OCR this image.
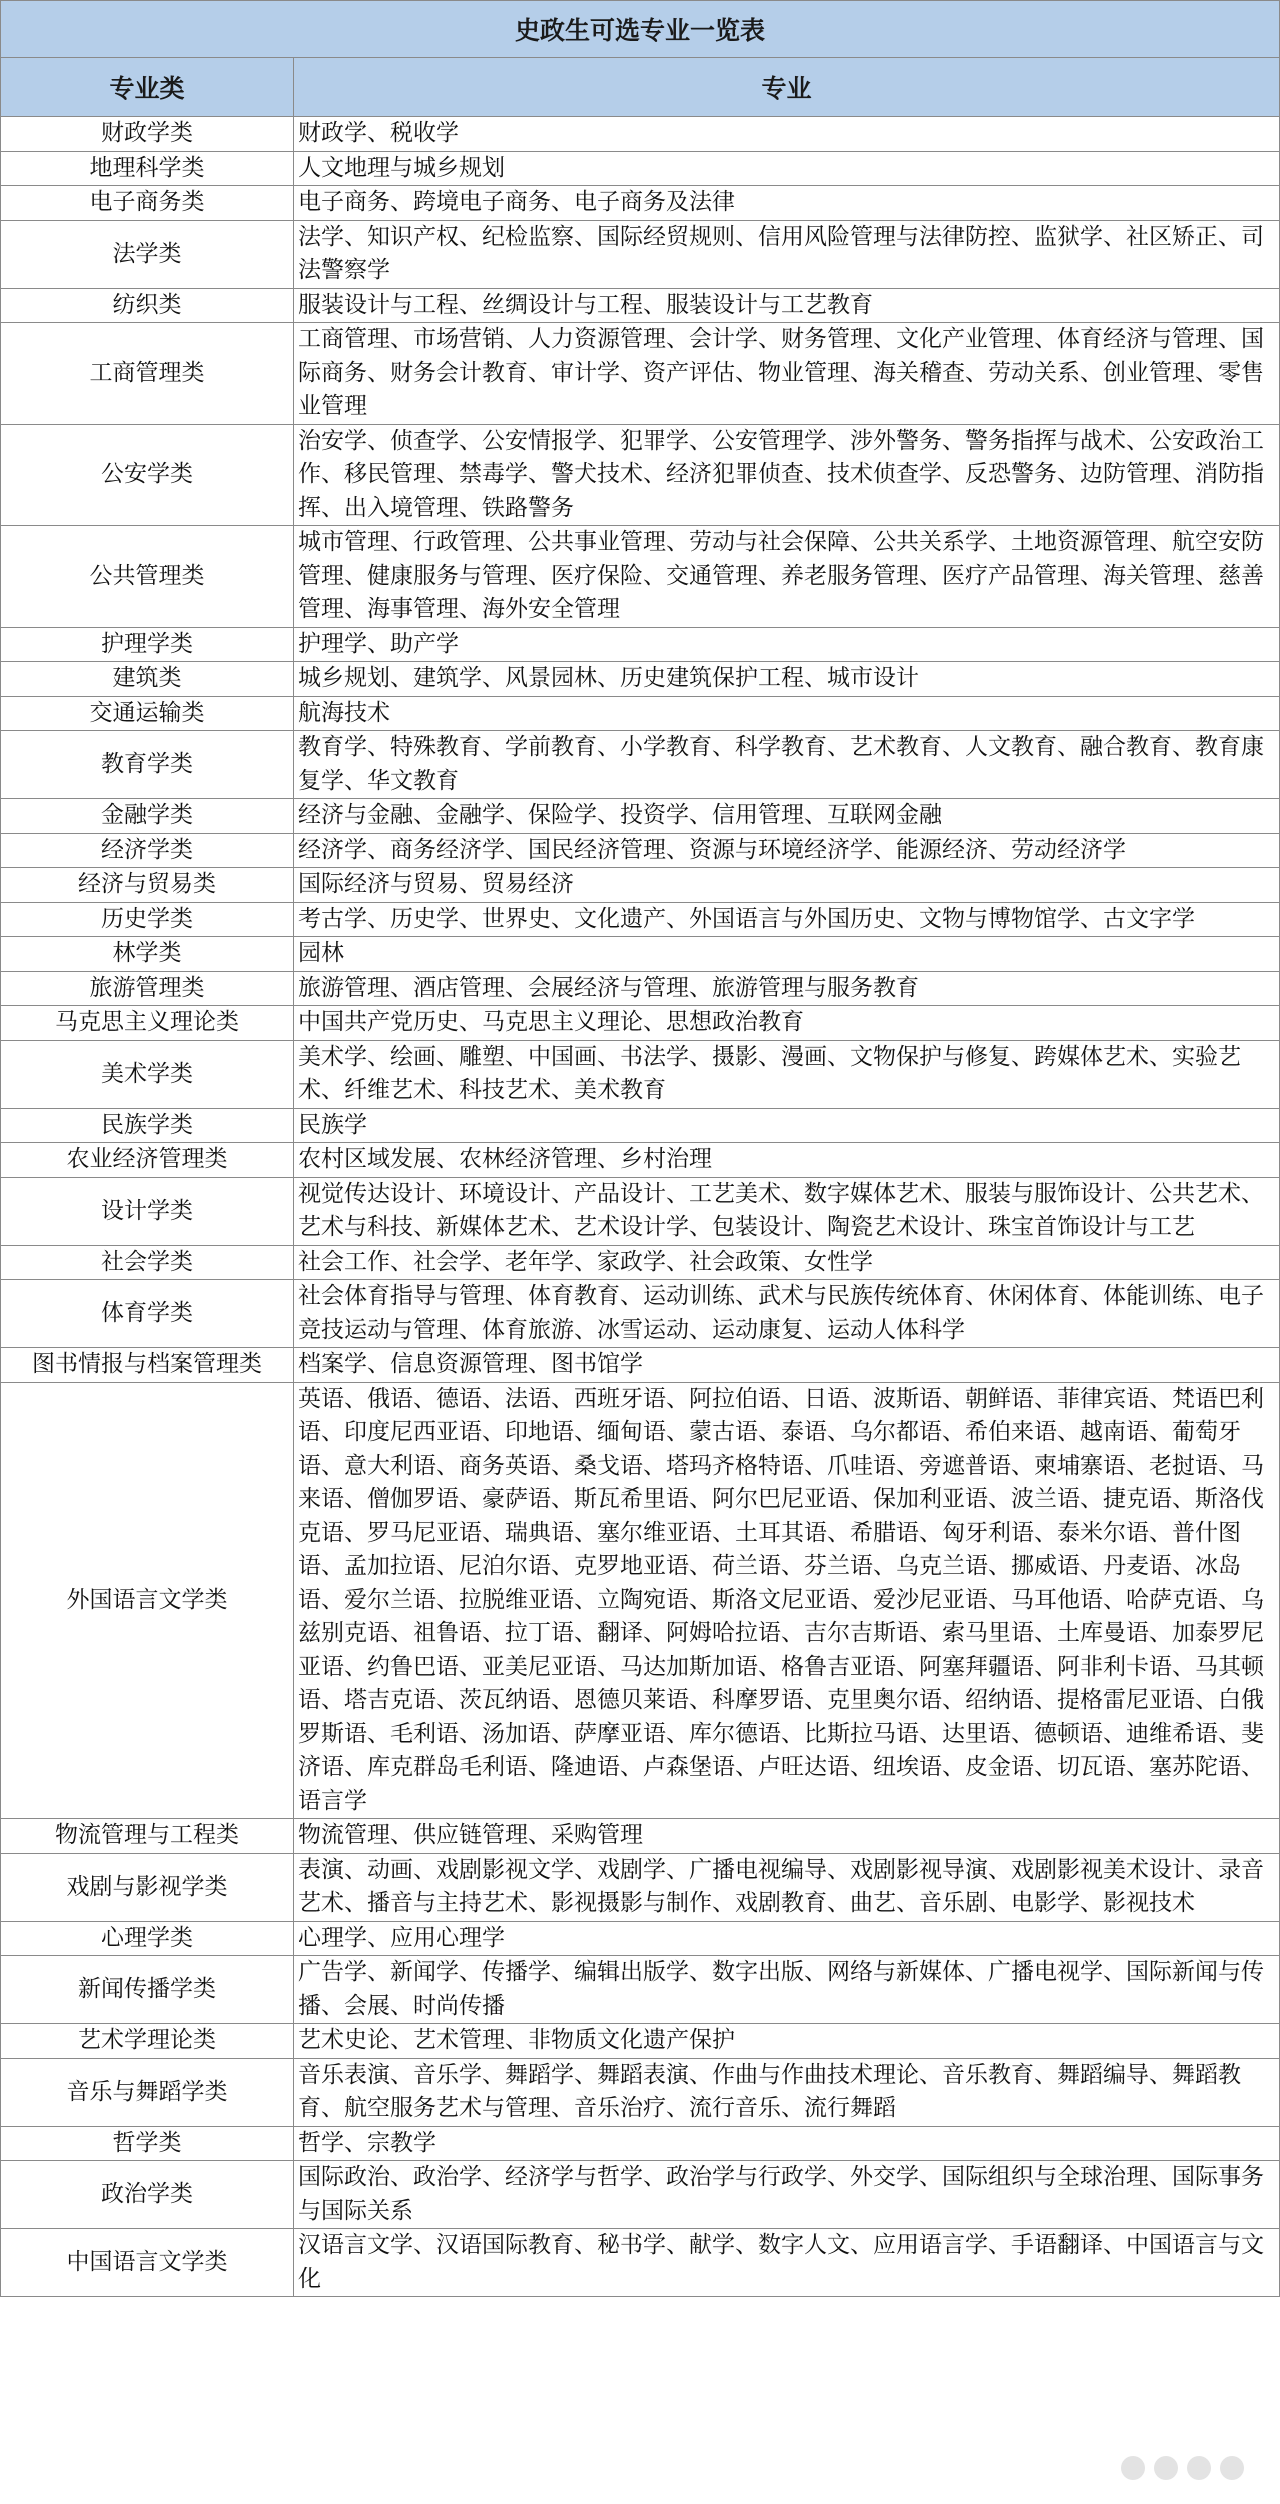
史政生可选专业一览表	
专业类	专业
财政学类	财政学、税收学
地理科学类	人文地理与城乡规划
电子商务类	电子商务、跨境电子商务、电子商务及法律
法学类	法学、知识产权、纪检监察、国际经贸规则、信用风险管理与法律防控、监狱学、社区矫正、司法警察学
纺织类	服装设计与工程、丝绸设计与工程、服装设计与工艺教育
工商管理类	工商管理、市场营销、人力资源管理、会计学、财务管理、文化产业管理、体育经济与管理、国际商务、财务会计教育、审计学、资产评估、物业管理、海关稽查、劳动关系、创业管理、零售业管理
公安学类	治安学、侦查学、公安情报学、犯罪学、公安管理学、涉外警务、警务指挥与战术、公安政治工作、移民管理、禁毒学、警犬技术、经济犯罪侦查、技术侦查学、反恐警务、边防管理、消防指挥、出入境管理、铁路警务
公共管理类	城市管理、行政管理、公共事业管理、劳动与社会保障、公共关系学、土地资源管理、航空安防管理、健康服务与管理、医疗保险、交通管理、养老服务管理、医疗产品管理、海关管理、慈善管理、海事管理、海外安全管理
护理学类	护理学、助产学
建筑类	城乡规划、建筑学、风景园林、历史建筑保护工程、城市设计
交通运输类	航海技术
教育学类	教育学、特殊教育、学前教育、小学教育、科学教育、艺术教育、人文教育、融合教育、教育康复学、华文教育
金融学类	经济与金融、金融学、保险学、投资学、信用管理、互联网金融
经济学类	经济学、商务经济学、国民经济管理、资源与环境经济学、能源经济、劳动经济学
经济与贸易类	国际经济与贸易、贸易经济
历史学类	考古学、历史学、世界史、文化遗产、外国语言与外国历史、文物与博物馆学、古文字学
林学类	园林
旅游管理类	旅游管理、酒店管理、会展经济与管理、旅游管理与服务教育
马克思主义理论类	中国共产党历史、马克思主义理论、思想政治教育
美术学类	美术学、绘画、雕塑、中国画、书法学、摄影、漫画、文物保护与修复、跨媒体艺术、实验艺术、纤维艺术、科技艺术、美术教育
民族学类	民族学
农业经济管理类	农村区域发展、农林经济管理、乡村治理
设计学类	视觉传达设计、环境设计、产品设计、工艺美术、数字媒体艺术、服装与服饰设计、公共艺术、艺术与科技、新媒体艺术、艺术设计学、包装设计、陶瓷艺术设计、珠宝首饰设计与工艺
社会学类	社会工作、社会学、老年学、家政学、社会政策、女性学
体育学类	社会体育指导与管理、体育教育、运动训练、武术与民族传统体育、休闲体育、体能训练、电子竞技运动与管理、体育旅游、冰雪运动、运动康复、运动人体科学
图书情报与档案管理类	档案学、信息资源管理、图书馆学
外国语言文学类	英语、俄语、德语、法语、西班牙语、阿拉伯语、日语、波斯语、朝鲜语、菲律宾语、梵语巴利语、印度尼西亚语、印地语、缅甸语、蒙古语、泰语、乌尔都语、希伯来语、越南语、葡萄牙语、意大利语、商务英语、桑戈语、塔玛齐格特语、爪哇语、旁遮普语、柬埔寨语、老挝语、马来语、僧伽罗语、豪萨语、斯瓦希里语、阿尔巴尼亚语、保加利亚语、波兰语、捷克语、斯洛伐克语、罗马尼亚语、瑞典语、塞尔维亚语、土耳其语、希腊语、匈牙利语、泰米尔语、普什图语、孟加拉语、尼泊尔语、克罗地亚语、荷兰语、芬兰语、乌克兰语、挪威语、丹麦语、冰岛语、爱尔兰语、拉脱维亚语、立陶宛语、斯洛文尼亚语、爱沙尼亚语、马耳他语、哈萨克语、乌兹别克语、祖鲁语、拉丁语、翻译、阿姆哈拉语、吉尔吉斯语、索马里语、土库曼语、加泰罗尼亚语、约鲁巴语、亚美尼亚语、马达加斯加语、格鲁吉亚语、阿塞拜疆语、阿非利卡语、马其顿语、塔吉克语、茨瓦纳语、恩德贝莱语、科摩罗语、克里奥尔语、绍纳语、提格雷尼亚语、白俄罗斯语、毛利语、汤加语、萨摩亚语、库尔德语、比斯拉马语、达里语、德顿语、迪维希语、斐济语、库克群岛毛利语、隆迪语、卢森堡语、卢旺达语、纽埃语、皮金语、切瓦语、塞苏陀语、语言学
物流管理与工程类	物流管理、供应链管理、采购管理
戏剧与影视学类	表演、动画、戏剧影视文学、戏剧学、广播电视编导、戏剧影视导演、戏剧影视美术设计、录音艺术、播音与主持艺术、影视摄影与制作、戏剧教育、曲艺、音乐剧、电影学、影视技术
心理学类	心理学、应用心理学
新闻传播学类	广告学、新闻学、传播学、编辑出版学、数字出版、网络与新媒体、广播电视学、国际新闻与传播、会展、时尚传播
艺术学理论类	艺术史论、艺术管理、非物质文化遗产保护
音乐与舞蹈学类	音乐表演、音乐学、舞蹈学、舞蹈表演、作曲与作曲技术理论、音乐教育、舞蹈编导、舞蹈教育、航空服务艺术与管理、音乐治疗、流行音乐、流行舞蹈
哲学类	哲学、宗教学
政治学类	国际政治、政治学、经济学与哲学、政治学与行政学、外交学、国际组织与全球治理、国际事务与国际关系
中国语言文学类	汉语言文学、汉语国际教育、秘书学、献学、数字人文、应用语言学、手语翻译、中国语言与文化
